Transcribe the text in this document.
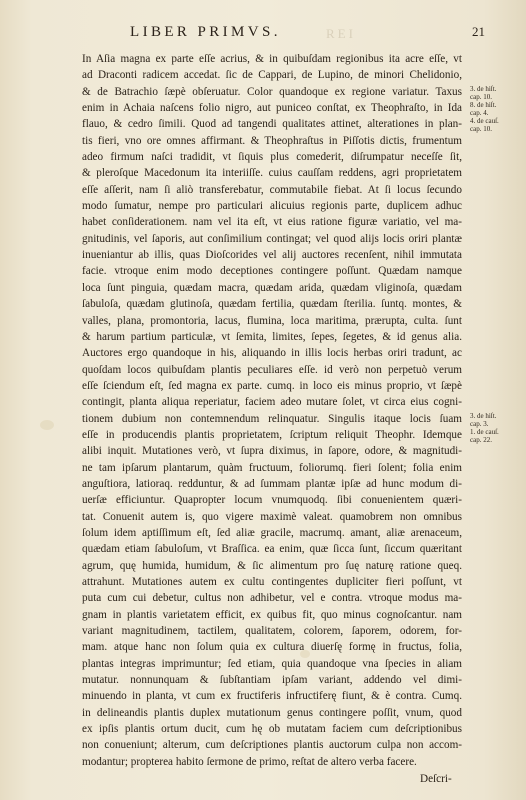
LIBER PRIMVS.	REI	21
In Aſia magna ex parte eſſe acrius, & in quibuſdam regionibus ita acre eſſe, vt
ad Draconti radicem accedat. ſic de Cappari, de Lupino, de minori Chelidonio,
& de Batrachio ſæpè obſeruatur. Color quandoque ex regione variatur. Taxus
enim in Achaia naſcens folio nigro, aut puniceo conſtat, ex Theophraſto, in Ida
flauo, & cedro ſimili. Quod ad tangendi qualitates attinet, alterationes in plan-
tis fieri, vno ore omnes affirmant. & Theophraſtus in Piſſotis dictis, frumentum
adeo firmum naſci tradidit, vt ſiquis plus comederit, diſrumpatur neceſſe ſit,
& pleroſque Macedonum ita interiiſſe. cuius cauſſam reddens, agri proprietatem
eſſe aſſerit, nam ſi aliò transferebatur, commutabile fiebat. At ſi locus ſecundo
modo ſumatur, nempe pro particulari alicuius regionis parte, duplicem adhuc
habet conſiderationem. nam vel ita eſt, vt eius ratione figuræ variatio, vel ma-
gnitudinis, vel ſaporis, aut conſimilium contingat; vel quod alijs locis oriri plantæ
inueniantur ab illis, quas Dioſcorides vel alij auctores recenſent, nihil immutata
facie. vtroque enim modo deceptiones contingere poſſunt. Quædam namque
loca ſunt pinguia, quædam macra, quædam arida, quædam vliginoſa, quædam
ſabuloſa, quædam glutinoſa, quædam fertilia, quædam ſterilia. ſuntq. montes, &
valles, plana, promontoria, lacus, flumina, loca maritima, prærupta, culta. ſunt
& harum partium particulæ, vt ſemita, limites, ſepes, ſegetes, & id genus alia.
Auctores ergo quandoque in his, aliquando in illis locis herbas oriri tradunt, ac
quoſdam locos quibuſdam plantis peculiares eſſe. id verò non perpetuò verum
eſſe ſciendum eſt, ſed magna ex parte. cumq. in loco eis minus proprio, vt ſæpè
contingit, planta aliqua reperiatur, faciem adeo mutare ſolet, vt circa eius cogni-
tionem dubium non contemnendum relinquatur. Singulis itaque locis ſuam
eſſe in producendis plantis proprietatem, ſcriptum reliquit Theophr. Idemque
alibi inquit. Mutationes verò, vt ſupra diximus, in ſapore, odore, & magnitudi-
ne tam ipſarum plantarum, quàm fructuum, foliorumq. fieri ſolent; folia enim
anguſtiora, latioraq. redduntur, & ad ſummam plantæ ipſæ ad hunc modum di-
uerſæ efficiuntur. Quapropter locum vnumquodq. ſibi conuenientem quæri-
tat. Conuenit autem is, quo vigere maximè valeat. quamobrem non omnibus
ſolum idem aptiſſimum eſt, ſed aliæ gracile, macrumq. amant, aliæ arenaceum,
quædam etiam ſabuloſum, vt Braſſica. ea enim, quæ ſicca ſunt, ſiccum quæritant
agrum, quę humida, humidum, & ſic alimentum pro ſuę naturę ratione queq.
attrahunt. Mutationes autem ex cultu contingentes dupliciter fieri poſſunt, vt
puta cum cui debetur, cultus non adhibetur, vel e contra. vtroque modus ma-
gnam in plantis varietatem efficit, ex quibus fit, quo minus cognoſcantur. nam
variant magnitudinem, tactilem, qualitatem, colorem, ſaporem, odorem, for-
mam. atque hanc non ſolum quia ex cultura diuerſę formę in fructus, folia,
plantas integras imprimuntur; ſed etiam, quia quandoque vna ſpecies in aliam
mutatur. nonnunquam & ſubſtantiam ipſam variant, addendo vel dimi-
minuendo in planta, vt cum ex fructiferis infructiferę fiunt, & è contra. Cumq.
in delineandis plantis duplex mutationum genus contingere poſſit, vnum, quod
ex ipſis plantis ortum ducit, cum hę ob mutatam faciem cum deſcriptionibus
non conueniunt; alterum, cum deſcriptiones plantis auctorum culpa non accom-
modantur; propterea habito ſermone de primo, reſtat de altero verba facere.
3. de hiſt.
cap. 10.
8. de hiſt.
cap. 4.
4. de cauſ.
cap. 10.
3. de hiſt.
cap. 3.
1. de cauſ.
cap. 22.
Deſcri-
